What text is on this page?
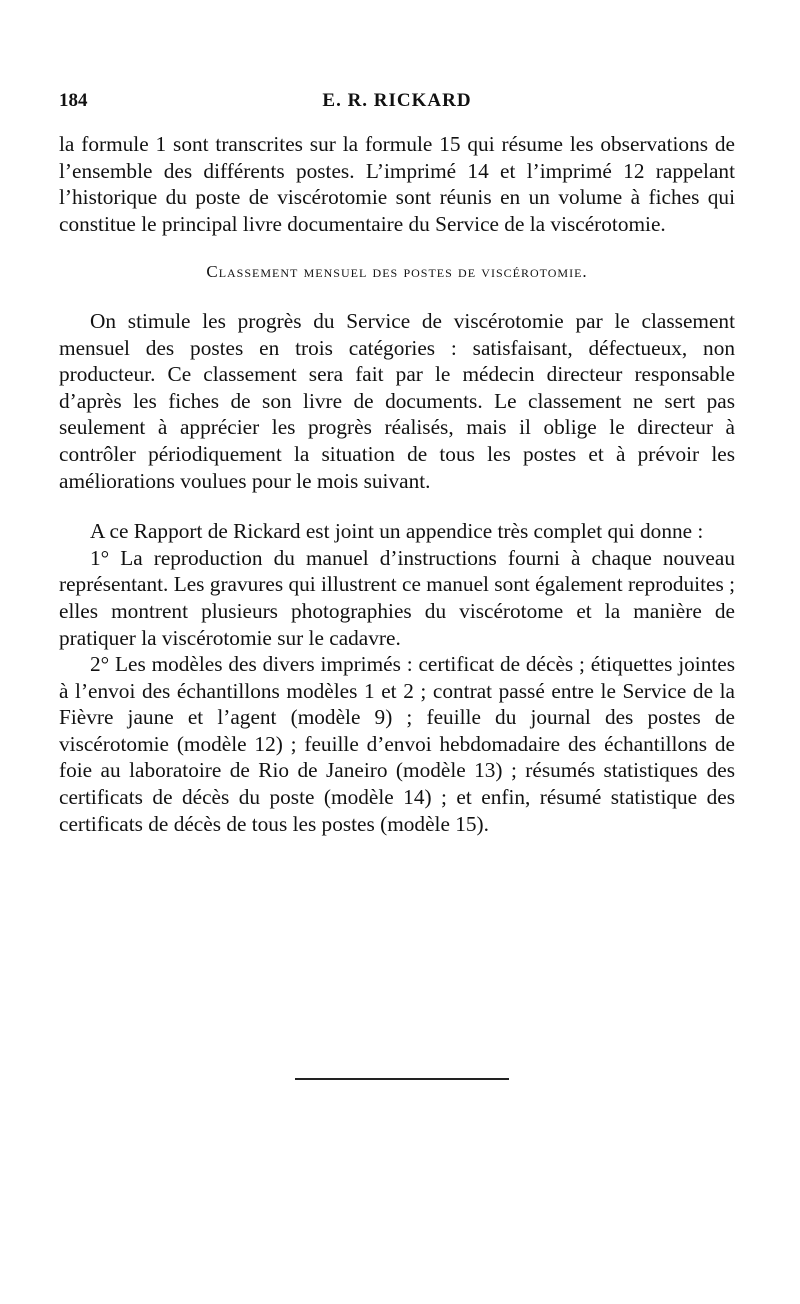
184	E. R. RICKARD

la formule 1 sont transcrites sur la formule 15 qui résume les observations de l’ensemble des différents postes. L’imprimé 14 et l’imprimé 12 rappelant l’historique du poste de viscérotomie sont réunis en un volume à fiches qui constitue le principal livre documentaire du Service de la viscérotomie.

Classement mensuel des postes de viscérotomie.

On stimule les progrès du Service de viscérotomie par le classement mensuel des postes en trois catégories : satisfaisant, défectueux, non producteur. Ce classement sera fait par le médecin directeur responsable d’après les fiches de son livre de documents. Le classement ne sert pas seulement à apprécier les progrès réalisés, mais il oblige le directeur à contrôler périodiquement la situation de tous les postes et à prévoir les améliorations voulues pour le mois suivant.

A ce Rapport de Rickard est joint un appendice très complet qui donne :

1° La reproduction du manuel d’instructions fourni à chaque nouveau représentant. Les gravures qui illustrent ce manuel sont également reproduites ; elles montrent plusieurs photographies du viscérotome et la manière de pratiquer la viscérotomie sur le cadavre.

2° Les modèles des divers imprimés : certificat de décès ; étiquettes jointes à l’envoi des échantillons modèles 1 et 2 ; contrat passé entre le Service de la Fièvre jaune et l’agent (modèle 9) ; feuille du journal des postes de viscérotomie (modèle 12) ; feuille d’envoi hebdomadaire des échantillons de foie au laboratoire de Rio de Janeiro (modèle 13) ; résumés statistiques des certificats de décès du poste (modèle 14) ; et enfin, résumé statistique des certificats de décès de tous les postes (modèle 15).
